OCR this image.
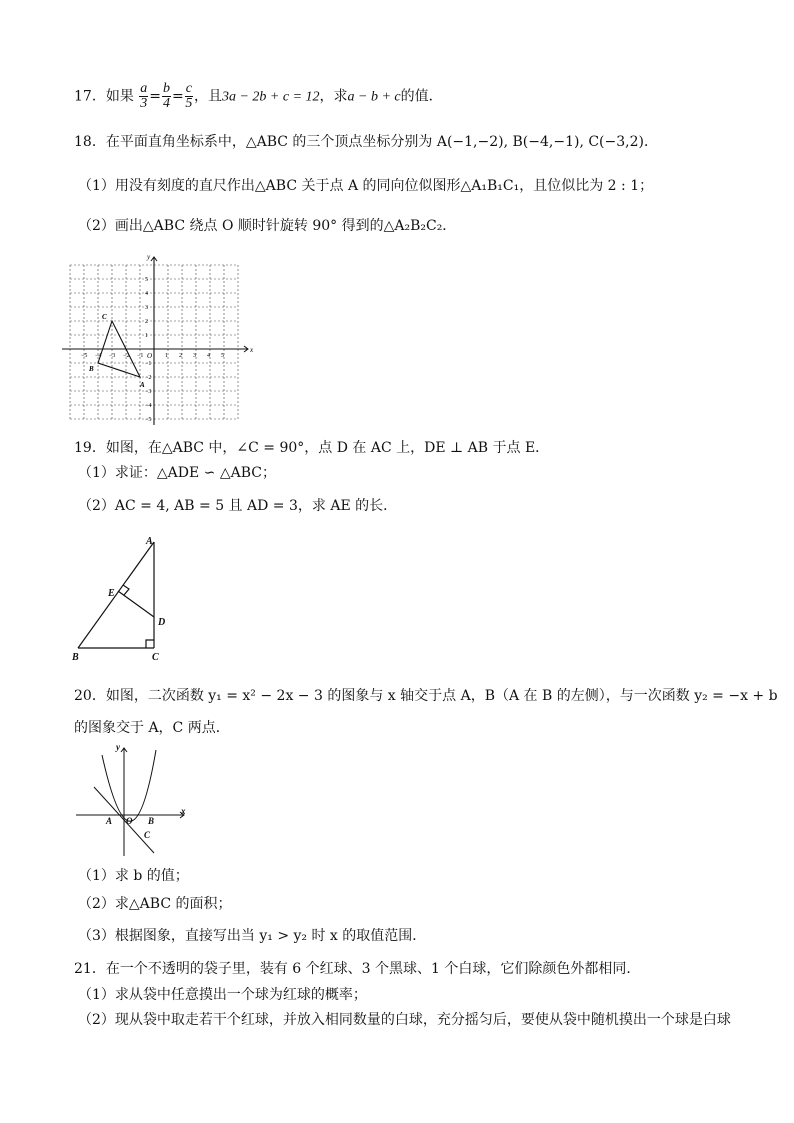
17．如果 $\frac{a}{3} = \frac{b}{4} = \frac{c}{5}$ ，且3a − 2b + c = 12，求a − b + c的值．
18．在平面直角坐标系中，△ABC 的三个顶点坐标分别为 A(−1,−2), B(−4,−1), C(−3,2)．
（1）用没有刻度的直尺作出△ABC 关于点 A 的同向位似图形△A₁B₁C₁，且位似比为 2 : 1；
（2）画出△ABC 绕点 O 顺时针旋转 90° 得到的△A₂B₂C₂．
x
y
O
−5 −4 −3 −2 −1	1 2 3 4 5
5
4
3
2
1
−1
−2
−3
−4
−5
A
B
C
19．如图，在△ABC 中，∠C = 90°，点 D 在 AC 上，DE ⊥ AB 于点 E．
（1）求证：△ADE ∽ △ABC；
（2）AC = 4, AB = 5 且 AD = 3，求 AE 的长．
A
B	C
D
E
20．如图，二次函数 y₁ = x² − 2x − 3 的图象与 x 轴交于点 A，B（A 在 B 的左侧），与一次函数 y₂ = −x + b
的图象交于 A，C 两点．
y
x
O
A	B
C
（1）求 b 的值；
（2）求△ABC 的面积；
（3）根据图象，直接写出当 y₁ > y₂ 时 x 的取值范围．
21．在一个不透明的袋子里，装有 6 个红球、3 个黑球、1 个白球，它们除颜色外都相同．
（1）求从袋中任意摸出一个球为红球的概率；
（2）现从袋中取走若干个红球，并放入相同数量的白球，充分摇匀后，要使从袋中随机摸出一个球是白球
